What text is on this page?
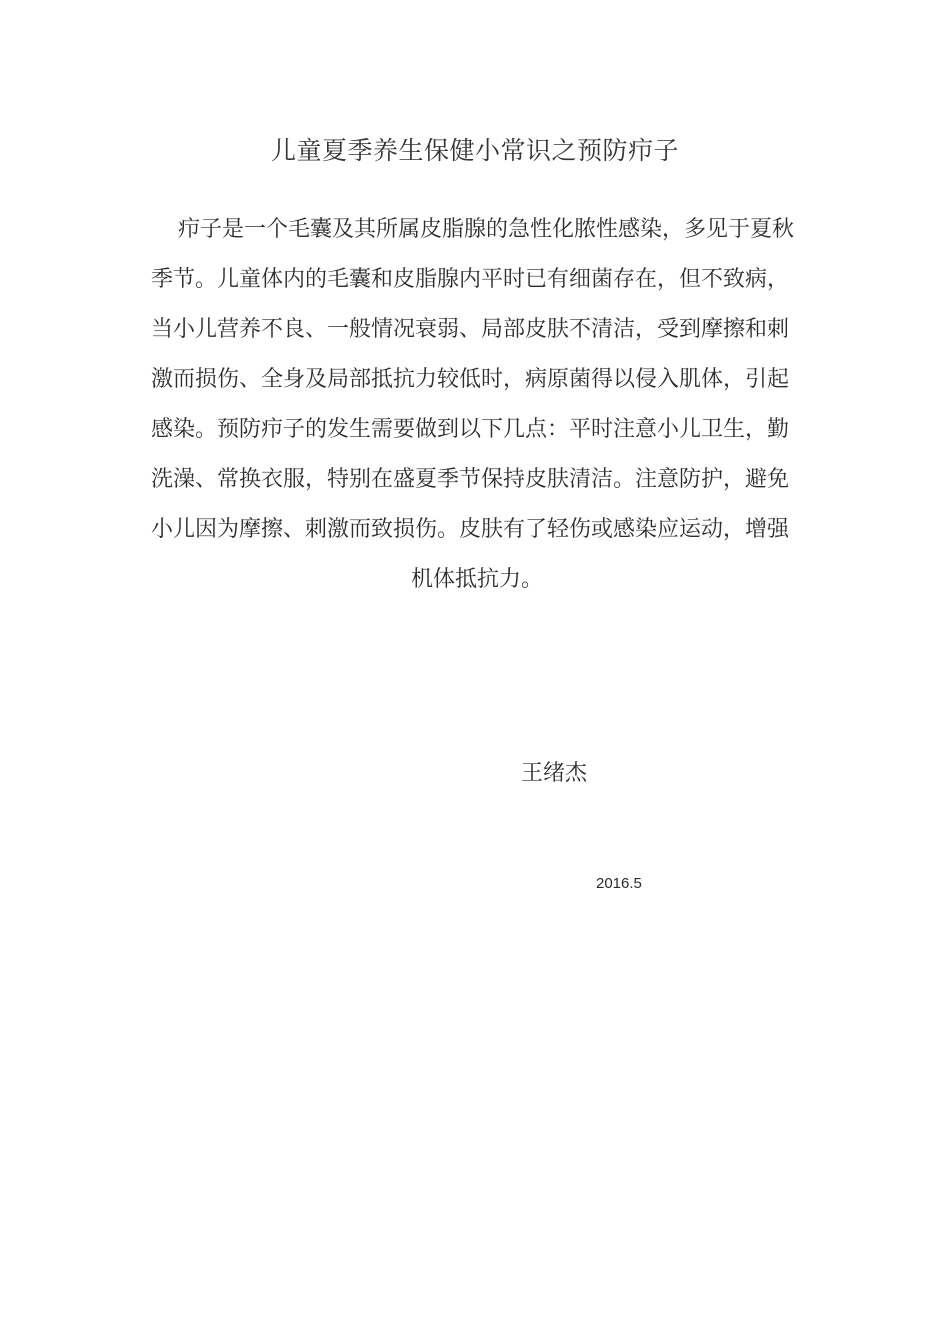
儿童夏季养生保健小常识之预防疖子
疖子是一个毛囊及其所属皮脂腺的急性化脓性感染，多见于夏秋
季节。儿童体内的毛囊和皮脂腺内平时已有细菌存在，但不致病，
当小儿营养不良、一般情况衰弱、局部皮肤不清洁，受到摩擦和刺
激而损伤、全身及局部抵抗力较低时，病原菌得以侵入肌体，引起
感染。预防疖子的发生需要做到以下几点：平时注意小儿卫生，勤
洗澡、常换衣服，特别在盛夏季节保持皮肤清洁。注意防护，避免
小儿因为摩擦、刺激而致损伤。皮肤有了轻伤或感染应运动，增强
机体抵抗力。
王绪杰
2016.5
